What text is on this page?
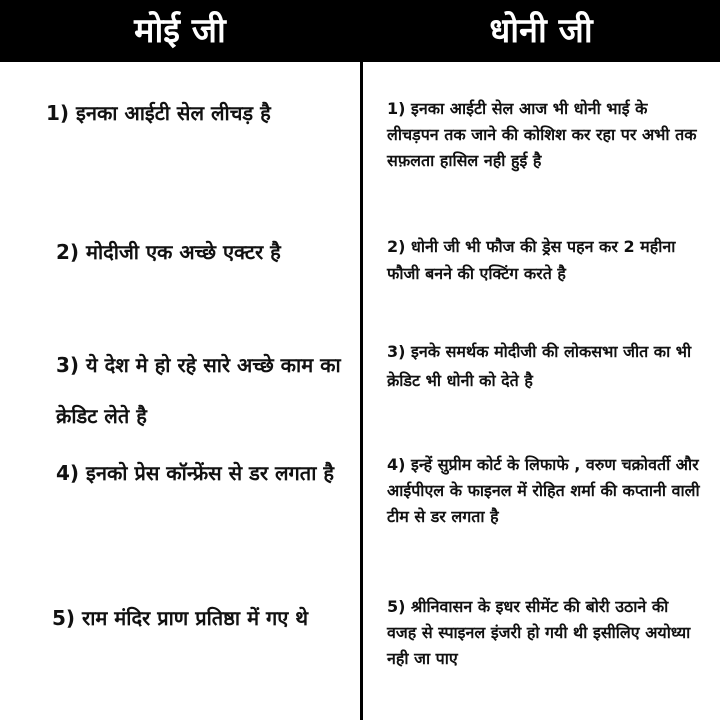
मोई जी	धोनी जी

1) इनका आईटी सेल लीचड़ है

2) मोदीजी एक अच्छे एक्टर है

3) ये देश मे हो रहे सारे अच्छे काम का क्रेडिट लेते है

4) इनको प्रेस कॉन्फ्रेंस से डर लगता है

5) राम मंदिर प्राण प्रतिष्ठा में गए थे

1) इनका आईटी सेल आज भी धोनी भाई के लीचड़पन तक जाने की कोशिश कर रहा पर अभी तक सफ़लता हासिल नही हुई है

2) धोनी जी भी फौज की ड्रेस पहन कर 2 महीना फौजी बनने की एक्टिंग करते है

3) इनके समर्थक मोदीजी की लोकसभा जीत का भी क्रेडिट भी धोनी को देते है

4) इन्हें सुप्रीम कोर्ट के लिफाफे , वरुण चक्रोवर्ती और आईपीएल के फाइनल में रोहित शर्मा की कप्तानी वाली टीम से डर लगता है

5) श्रीनिवासन के इधर सीमेंट की बोरी उठाने की वजह से स्पाइनल इंजरी हो गयी थी इसीलिए अयोध्या नही जा पाए
